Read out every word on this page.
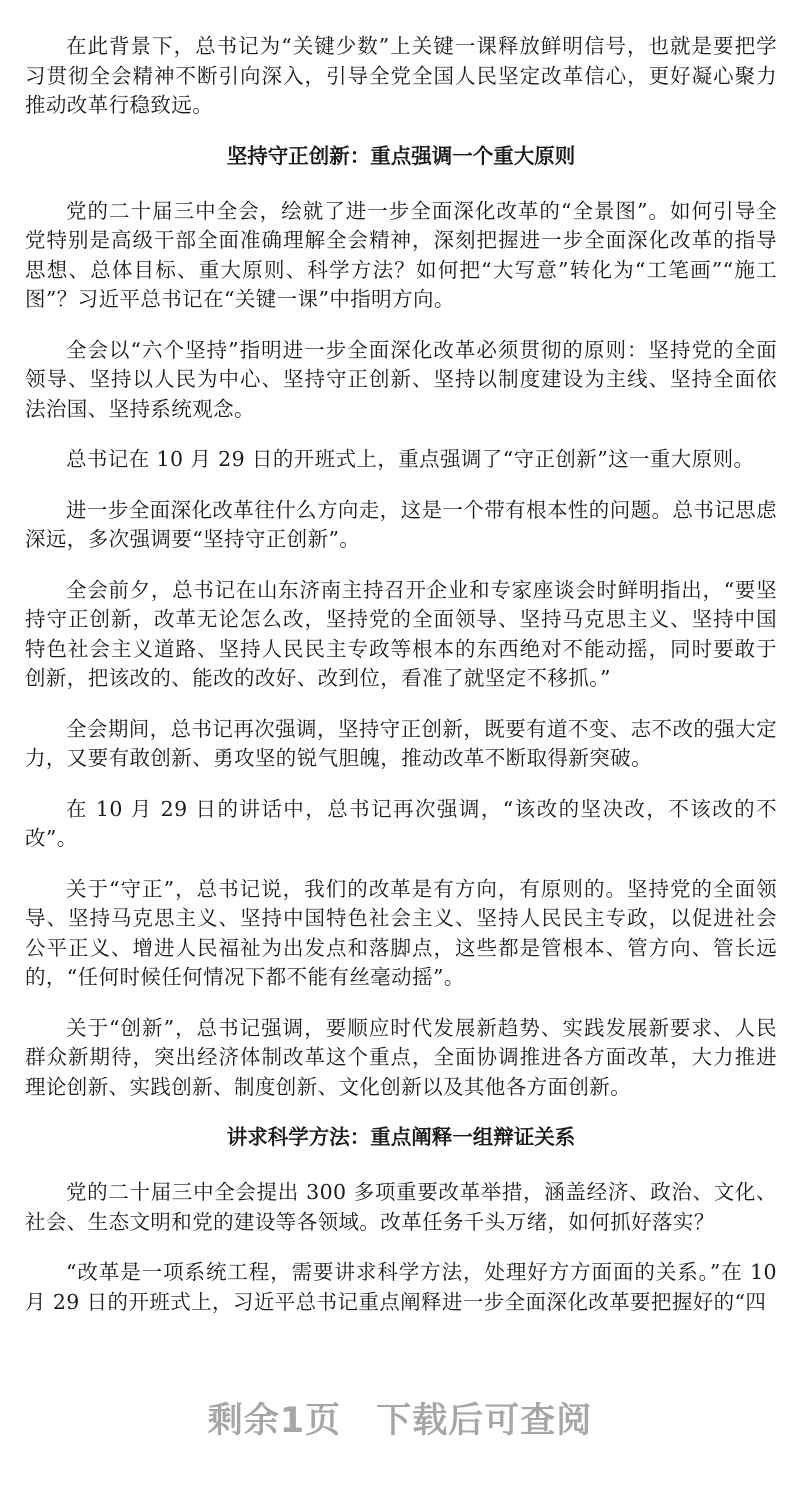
在此背景下，总书记为“关键少数”上关键一课释放鲜明信号，也就是要把学习贯彻全会精神不断引向深入，引导全党全国人民坚定改革信心，更好凝心聚力推动改革行稳致远。

坚持守正创新：重点强调一个重大原则

党的二十届三中全会，绘就了进一步全面深化改革的“全景图”。如何引导全党特别是高级干部全面准确理解全会精神，深刻把握进一步全面深化改革的指导思想、总体目标、重大原则、科学方法？如何把“大写意”转化为“工笔画”“施工图”？习近平总书记在“关键一课”中指明方向。

全会以“六个坚持”指明进一步全面深化改革必须贯彻的原则：坚持党的全面领导、坚持以人民为中心、坚持守正创新、坚持以制度建设为主线、坚持全面依法治国、坚持系统观念。

总书记在 10 月 29 日的开班式上，重点强调了“守正创新”这一重大原则。

进一步全面深化改革往什么方向走，这是一个带有根本性的问题。总书记思虑深远，多次强调要“坚持守正创新”。

全会前夕，总书记在山东济南主持召开企业和专家座谈会时鲜明指出，“要坚持守正创新，改革无论怎么改，坚持党的全面领导、坚持马克思主义、坚持中国特色社会主义道路、坚持人民民主专政等根本的东西绝对不能动摇，同时要敢于创新，把该改的、能改的改好、改到位，看准了就坚定不移抓。”

全会期间，总书记再次强调，坚持守正创新，既要有道不变、志不改的强大定力，又要有敢创新、勇攻坚的锐气胆魄，推动改革不断取得新突破。

在 10 月 29 日的讲话中，总书记再次强调，“该改的坚决改，不该改的不改”。

关于“守正”，总书记说，我们的改革是有方向，有原则的。坚持党的全面领导、坚持马克思主义、坚持中国特色社会主义、坚持人民民主专政，以促进社会公平正义、增进人民福祉为出发点和落脚点，这些都是管根本、管方向、管长远的，“任何时候任何情况下都不能有丝毫动摇”。

关于“创新”，总书记强调，要顺应时代发展新趋势、实践发展新要求、人民群众新期待，突出经济体制改革这个重点，全面协调推进各方面改革，大力推进理论创新、实践创新、制度创新、文化创新以及其他各方面创新。

讲求科学方法：重点阐释一组辩证关系

党的二十届三中全会提出 300 多项重要改革举措，涵盖经济、政治、文化、社会、生态文明和党的建设等各领域。改革任务千头万绪，如何抓好落实？

“改革是一项系统工程，需要讲求科学方法，处理好方方面面的关系。”在 10 月 29 日的开班式上，习近平总书记重点阐释进一步全面深化改革要把握好的“四

剩余1页 下载后可查阅
